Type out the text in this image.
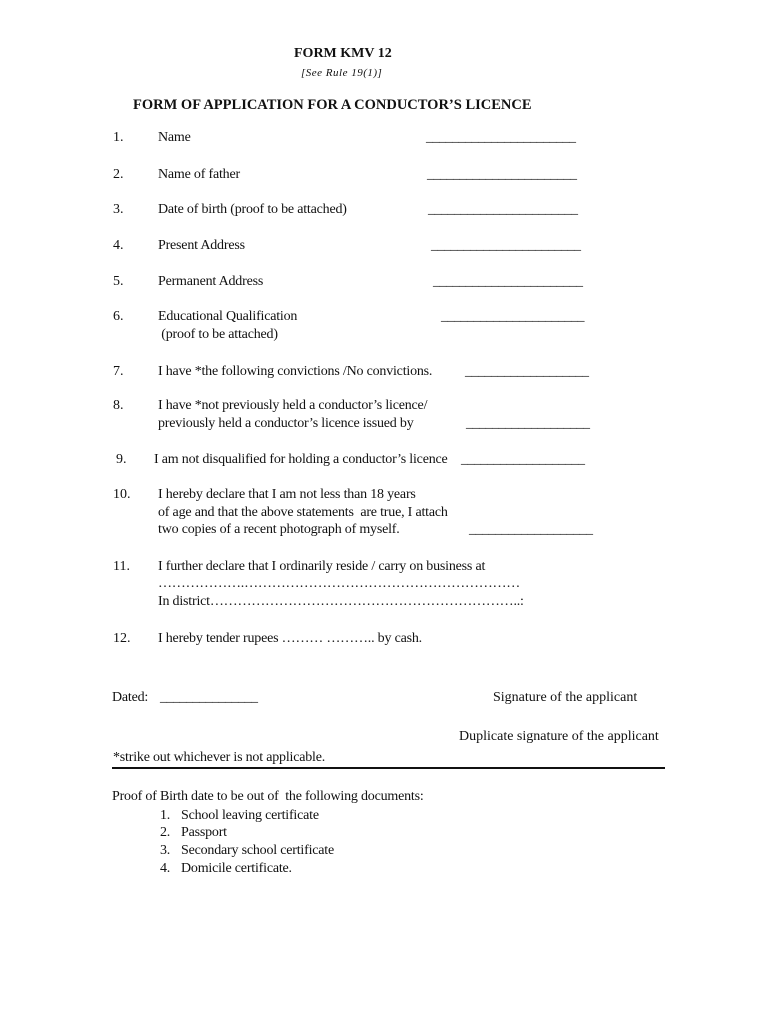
FORM KMV 12
[See Rule 19(1)]
FORM OF APPLICATION FOR A CONDUCTOR’S LICENCE
1. Name	_______________________
2. Name of father	_______________________
3. Date of birth (proof to be attached)	_______________________
4. Present Address	_______________________
5. Permanent Address	_______________________
6. Educational Qualification
(proof to be attached)
______________________
7. I have *the following convictions /No convictions. ___________________
8. I have *not previously held a conductor’s licence/
previously held a conductor’s licence issued by	___________________
9. I am not disqualified for holding a conductor’s licence ___________________
10. I hereby declare that I am not less than 18 years
of age and that the above statements  are true, I attach
two copies of a recent photograph of myself.	___________________
11. I further declare that I ordinarily reside / carry on business at
……………….……………………………………………………
In district…………………………………………………………..:
12. I hereby tender rupees ……… ……….. by cash.
Dated: _______________	Signature of the applicant
Duplicate signature of the applicant
*strike out whichever is not applicable.
Proof of Birth date to be out of  the following documents:
1. School leaving certificate
2. Passport
3. Secondary school certificate
4. Domicile certificate.
